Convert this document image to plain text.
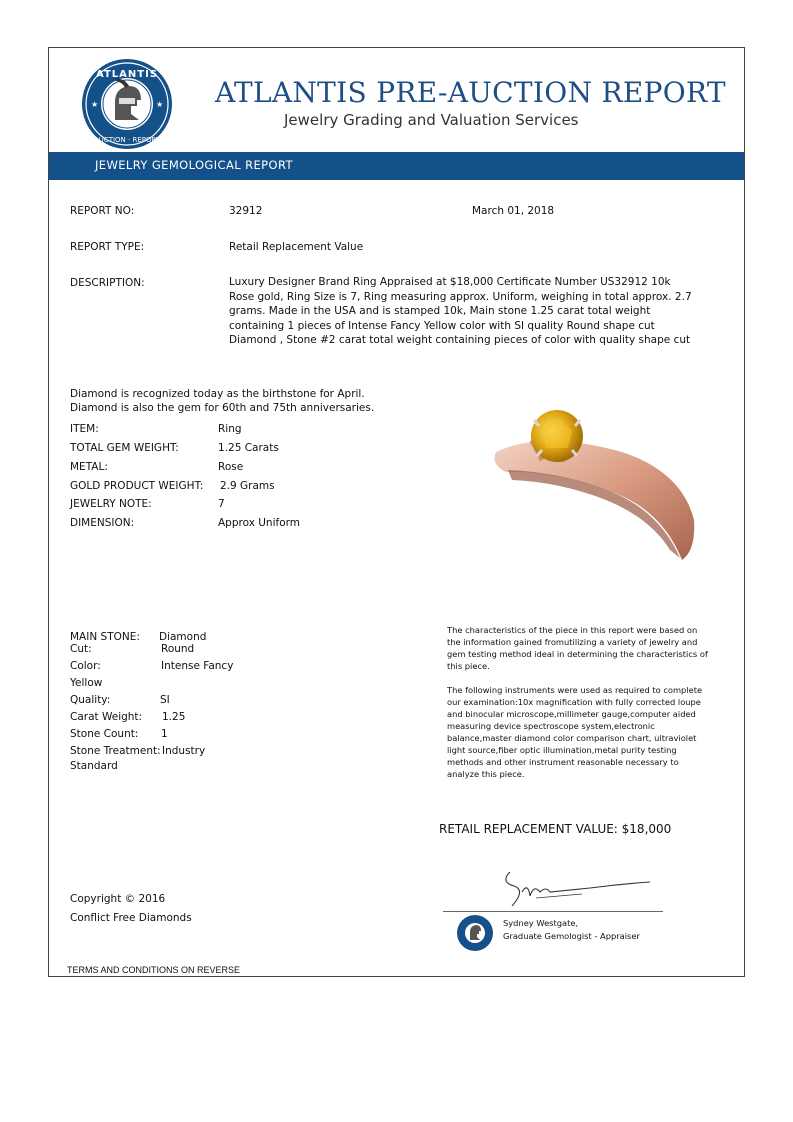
ATLANTIS
AUCTION · REPORT
★	★ ATLANTIS PRE-AUCTION REPORT
Jewelry Grading and Valuation Services
JEWELRY GEMOLOGICAL REPORT
REPORT NO:	32912	March 01, 2018
REPORT TYPE:	Retail Replacement Value
DESCRIPTION:	Luxury Designer Brand Ring Appraised at $18,000 Certificate Number US32912 10k Rose gold, Ring Size is 7, Ring measuring approx. Uniform, weighing in total approx. 2.7 grams. Made in the USA and is stamped 10k, Main stone 1.25 carat total weight containing 1 pieces of Intense Fancy Yellow color with SI quality Round shape cut Diamond , Stone #2 carat total weight containing pieces of color with quality shape cut
Diamond is recognized today as the birthstone for April.
Diamond is also the gem for 60th and 75th anniversaries.
ITEM:	Ring
TOTAL GEM WEIGHT:	1.25 Carats
METAL:	Rose
GOLD PRODUCT WEIGHT: 2.9 Grams
JEWELRY NOTE:	7
DIMENSION:	Approx Uniform
MAIN STONE: Diamond
Cut:	Round
Color:	Intense Fancy
Yellow
Quality:	SI
Carat Weight: 1.25
Stone Count: 1
Stone Treatment: Industry
Standard

The characteristics of the piece in this report were based on the information gained fromutilizing a variety of jewelry and gem testing method ideal in determining the characteristics of this piece.

The following instruments were used as required to complete our examination:10x magnification with fully corrected loupe and binocular microscope,millimeter gauge,computer aided measuring device spectroscope system,electronic balance,master diamond color comparison chart, ultraviolet light source,fiber optic illumination,metal purity testing methods and other instrument reasonable necessary to analyze this piece.

RETAIL REPLACEMENT VALUE: $18,000
Copyright © 2016
Conflict Free Diamonds	Sydney Westgate,
Graduate Gemologist - Appraiser
TERMS AND CONDITIONS ON REVERSE
